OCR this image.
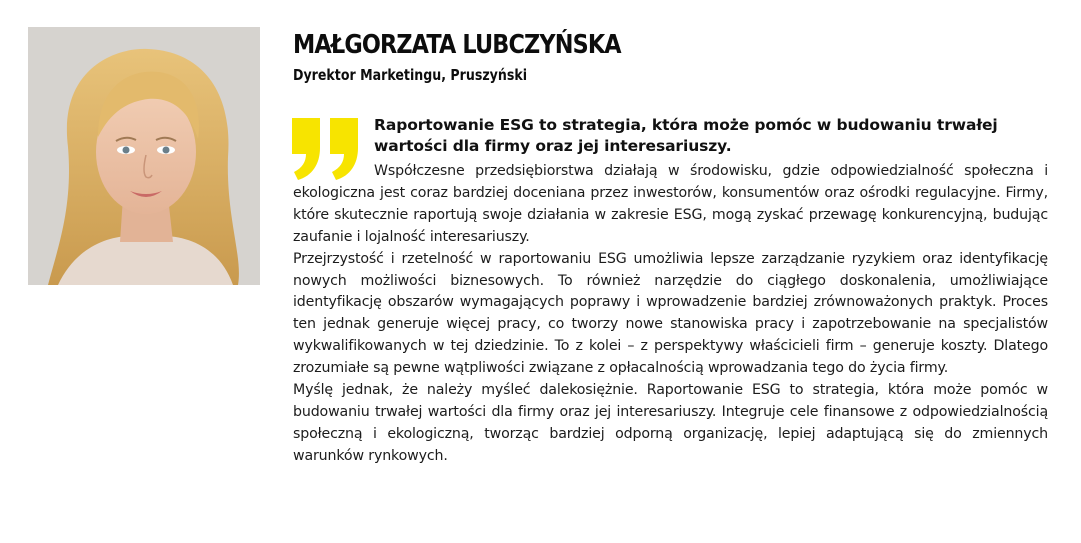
MAŁGORZATA LUBCZYŃSKA
Dyrektor Marketingu, Pruszyński
Raportowanie ESG to strategia, która może pomóc w budowaniu trwałej wartości dla firmy oraz jej interesariuszy.

Współczesne przedsiębiorstwa działają w środowisku, gdzie odpowiedzialność społeczna i ekologiczna jest coraz bardziej doceniana przez inwestorów, konsumentów oraz ośrodki regulacyjne. Firmy, które skutecznie raportują swoje działania w zakresie ESG, mogą zyskać przewagę konkurencyjną, budując zaufanie i lojalność interesariuszy.

Przejrzystość i rzetelność w raportowaniu ESG umożliwia lepsze zarządzanie ryzykiem oraz identyfikację nowych możliwości biznesowych. To również narzędzie do ciągłego doskonalenia, umożliwiające identyfikację obszarów wymagających poprawy i wprowadzenie bardziej zrównoważonych praktyk. Proces ten jednak generuje więcej pracy, co tworzy nowe stanowiska pracy i zapotrzebowanie na specjalistów wykwalifikowanych w tej dziedzinie. To z kolei – z perspektywy właścicieli firm – generuje koszty. Dlatego zrozumiałe są pewne wątpliwości związane z opłacalnością wprowadzania tego do życia firmy.

Myślę jednak, że należy myśleć dalekosiężnie. Raportowanie ESG to strategia, która może pomóc w budowaniu trwałej wartości dla firmy oraz jej interesariuszy. Integruje cele finansowe z odpowiedzialnością społeczną i ekologiczną, tworząc bardziej odporną organizację, lepiej adaptującą się do zmiennych warunków rynkowych.
